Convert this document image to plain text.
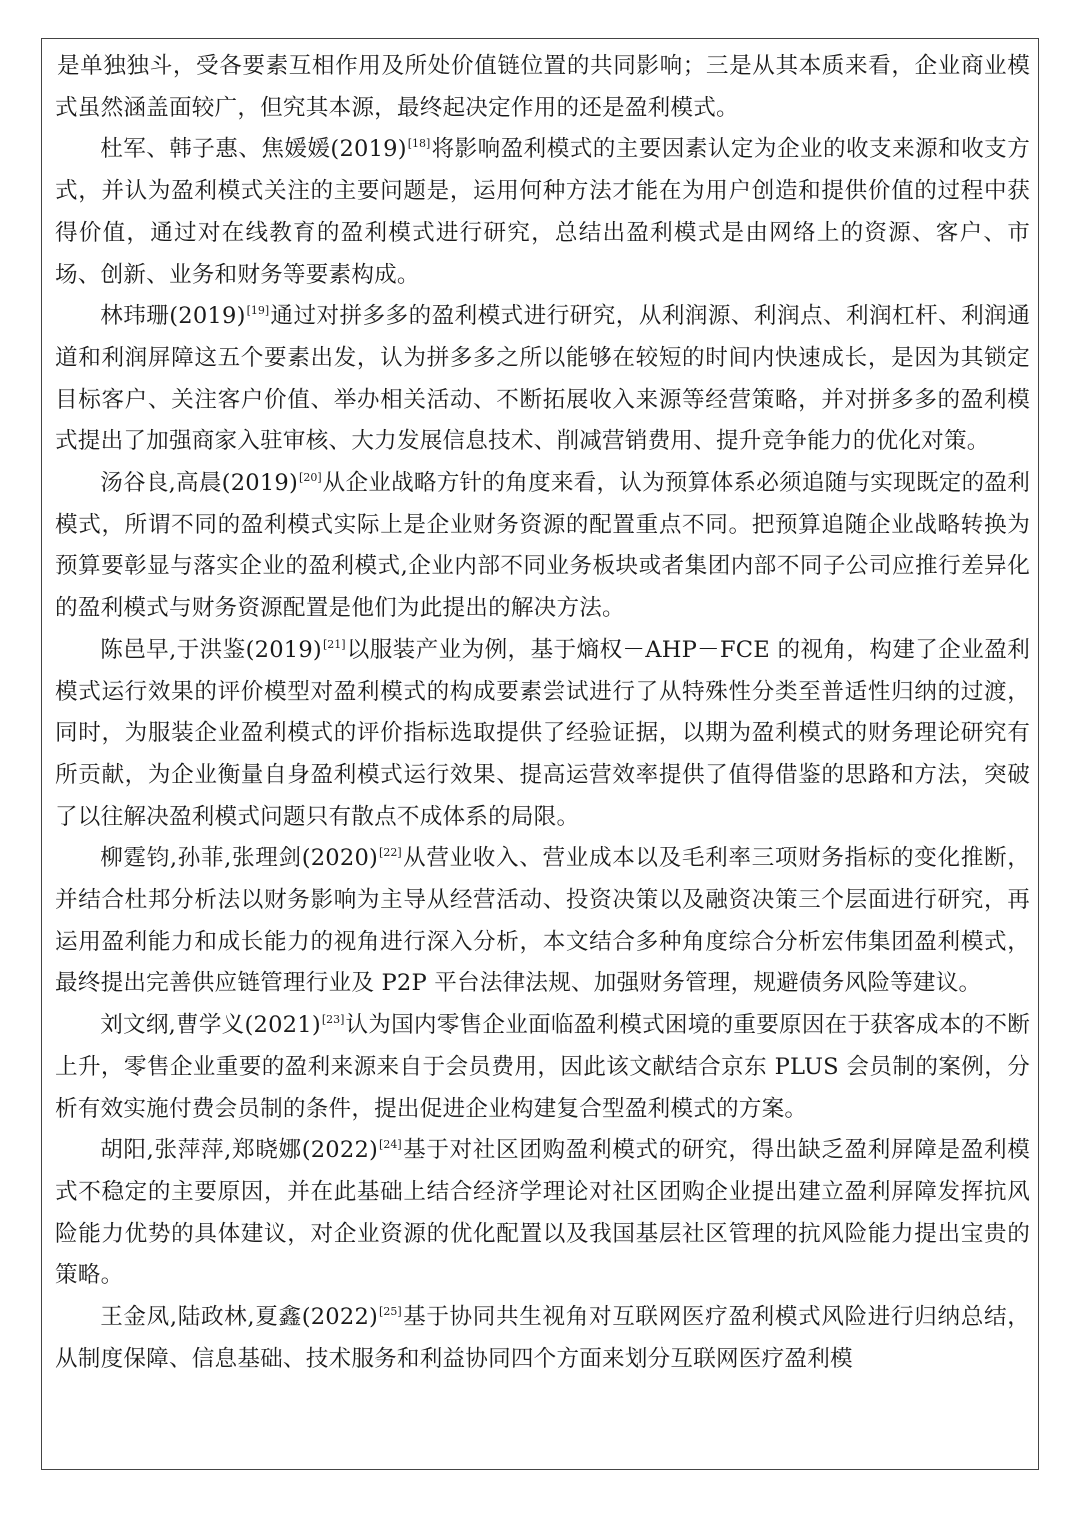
是单独独斗，受各要素互相作用及所处价值链位置的共同影响；三是从其本质来看，企业商业模式虽然涵盖面较广，但究其本源，最终起决定作用的还是盈利模式。

杜军、韩子惠、焦媛媛(2019)[18]将影响盈利模式的主要因素认定为企业的收支来源和收支方式，并认为盈利模式关注的主要问题是，运用何种方法才能在为用户创造和提供价值的过程中获得价值，通过对在线教育的盈利模式进行研究，总结出盈利模式是由网络上的资源、客户、市场、创新、业务和财务等要素构成。

林玮珊(2019)[19]通过对拼多多的盈利模式进行研究，从利润源、利润点、利润杠杆、利润通道和利润屏障这五个要素出发，认为拼多多之所以能够在较短的时间内快速成长，是因为其锁定目标客户、关注客户价值、举办相关活动、不断拓展收入来源等经营策略，并对拼多多的盈利模式提出了加强商家入驻审核、大力发展信息技术、削减营销费用、提升竞争能力的优化对策。

汤谷良,高晨(2019)[20]从企业战略方针的角度来看，认为预算体系必须追随与实现既定的盈利模式，所谓不同的盈利模式实际上是企业财务资源的配置重点不同。把预算追随企业战略转换为预算要彰显与落实企业的盈利模式,企业内部不同业务板块或者集团内部不同子公司应推行差异化的盈利模式与财务资源配置是他们为此提出的解决方法。

陈邑早,于洪鉴(2019)[21]以服装产业为例，基于熵权－AHP－FCE 的视角，构建了企业盈利模式运行效果的评价模型对盈利模式的构成要素尝试进行了从特殊性分类至普适性归纳的过渡，同时，为服装企业盈利模式的评价指标选取提供了经验证据，以期为盈利模式的财务理论研究有所贡献，为企业衡量自身盈利模式运行效果、提高运营效率提供了值得借鉴的思路和方法，突破了以往解决盈利模式问题只有散点不成体系的局限。

柳霆钧,孙菲,张理剑(2020)[22]从营业收入、营业成本以及毛利率三项财务指标的变化推断，并结合杜邦分析法以财务影响为主导从经营活动、投资决策以及融资决策三个层面进行研究，再运用盈利能力和成长能力的视角进行深入分析，本文结合多种角度综合分析宏伟集团盈利模式，最终提出完善供应链管理行业及 P2P 平台法律法规、加强财务管理，规避债务风险等建议。

刘文纲,曹学义(2021)[23]认为国内零售企业面临盈利模式困境的重要原因在于获客成本的不断上升，零售企业重要的盈利来源来自于会员费用，因此该文献结合京东 PLUS 会员制的案例，分析有效实施付费会员制的条件，提出促进企业构建复合型盈利模式的方案。

胡阳,张萍萍,郑晓娜(2022)[24]基于对社区团购盈利模式的研究，得出缺乏盈利屏障是盈利模式不稳定的主要原因，并在此基础上结合经济学理论对社区团购企业提出建立盈利屏障发挥抗风险能力优势的具体建议，对企业资源的优化配置以及我国基层社区管理的抗风险能力提出宝贵的策略。

王金凤,陆政林,夏鑫(2022)[25]基于协同共生视角对互联网医疗盈利模式风险进行归纳总结，从制度保障、信息基础、技术服务和利益协同四个方面来划分互联网医疗盈利模
